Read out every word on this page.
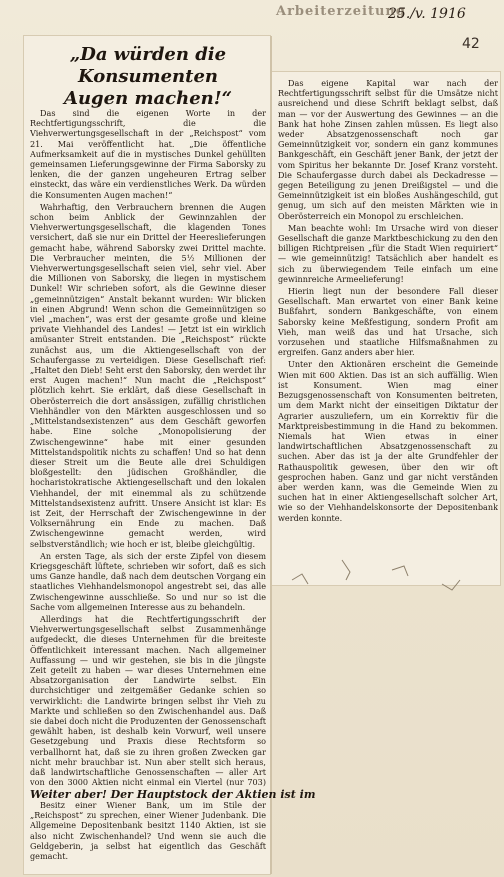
Arbeiterzeitung
25./v. 1916
42
„Da würden die Konsumenten
Augen machen!“

Das sind die eigenen Worte in der Rechtfertigungsschrift, die die Viehverwertungsgesellschaft in der „Reichspost“ vom 21. Mai veröffentlicht hat. „Die öffentliche Aufmerksamkeit auf die in mystisches Dunkel gehüllten gemeinsamen Lieferungsgewinne der Firma Saborsky zu lenken, die der ganzen ungeheuren Ertrag selber einsteckt, das wäre ein verdienstliches Werk. Da würden die Konsumenten Augen machen!“

Wahrhaftig, den Verbrauchern brennen die Augen schon beim Anblick der Gewinnzahlen der Viehverwertungsgesellschaft, die klagenden Tones versichert, daß sie nur ein Drittel der Heereslieferungen gemacht habe, während Saborsky zwei Drittel machte. Die Verbraucher meinten, die 5½ Millionen der Viehverwertungsgesellschaft seien viel, sehr viel. Aber die Millionen von Saborsky, die liegen in mystischem Dunkel! Wir schrieben sofort, als die Gewinne dieser „gemeinnützigen“ Anstalt bekannt wurden: Wir blicken in einen Abgrund! Wenn schon die Gemeinnützigen so viel „machen“, was erst der gesamte große und kleine private Viehhandel des Landes! — Jetzt ist ein wirklich amüsanter Streit entstanden. Die „Reichspost“ rückte zunächst aus, um die Aktiengesellschaft von der Schaufergasse zu verteidigen. Diese Gesellschaft rief: „Haltet den Dieb! Seht erst den Saborsky, den werdet ihr erst Augen machen!“ Nun macht die „Reichspost“ plötzlich kehrt. Sie erklärt, daß diese Gesellschaft in Oberösterreich die dort ansässigen, zufällig christlichen Viehhändler von den Märkten ausgeschlossen und so „Mittelstandsexistenzen“ aus dem Geschäft geworfen habe. Eine solche „Monopolisierung der Zwischengewinne“ habe mit einer gesunden Mittelstandspolitik nichts zu schaffen! Und so hat denn dieser Streit um die Beute alle drei Schuldigen bloßgestellt: den jüdischen Großhändler, die hocharistokratische Aktiengesellschaft und den lokalen Viehhandel, der mit einemmal als zu schützende Mittelstandsexistenz aufritt. Unsere Ansicht ist klar: Es ist Zeit, der Herrschaft der Zwischengewinne in der Volksernährung ein Ende zu machen. Daß Zwischengewinne gemacht werden, wird selbstverständlich; wie hoch er ist, bleibe gleichgültig.

An ersten Tage, als sich der erste Zipfel von diesem Kriegsgeschäft lüftete, schrieben wir sofort, daß es sich ums Ganze handle, daß nach dem deutschen Vorgang ein staatliches Viehhandelsmonopol angestrebt sei, das alle Zwischengewinne ausschließe. So und nur so ist die Sache vom allgemeinen Interesse aus zu behandeln.

Allerdings hat die Rechtfertigungsschrift der Viehverwertungsgesellschaft selbst Zusammenhänge aufgedeckt, die dieses Unternehmen für die breiteste Öffentlichkeit interessant machen. Nach allgemeiner Auffassung — und wir gestehen, sie bis in die jüngste Zeit geteilt zu haben — war dieses Unternehmen eine Absatzorganisation der Landwirte selbst. Ein durchsichtiger und zeitgemäßer Gedanke schien so verwirklicht: die Landwirte bringen selbst ihr Vieh zu Markte und schließen so den Zwischenhandel aus. Daß sie dabei doch nicht die Produzenten der Genossenschaft gewählt haben, ist deshalb kein Vorwurf, weil unsere Gesetzgebung und Praxis diese Rechtsform so verballhornt hat, daß sie zu ihren großen Zwecken gar nicht mehr brauchbar ist. Nun aber stellt sich heraus, daß landwirtschaftliche Genossenschaften — aller Art von den 3000 Aktien nicht einmal ein Viertel (nur 703)

Weiter aber! Der Hauptstock der Aktien ist im

Besitz einer Wiener Bank, um im Stile der „Reichspost“ zu sprechen, einer Wiener Judenbank. Die Allgemeine Depositenbank besitzt 1140 Aktien, ist sie also nicht Zwischenhandel? Und wenn sie auch die Geldgeberin, ja selbst hat eigentlich das Geschäft gemacht.

Das eigene Kapital war nach der Rechtfertigungsschrift selbst für die Umsätze nicht ausreichend und diese Schrift beklagt selbst, daß man — vor der Auswertung des Gewinnes — an die Bank hat hohe Zinsen zahlen müssen. Es liegt also weder Absatzgenossenschaft noch gar Gemeinnützigkeit vor, sondern ein ganz kommunes Bankgeschäft, ein Geschäft jener Bank, der jetzt der vom Spiritus her bekannte Dr. Josef Kranz vorsteht. Die Schaufergasse durch dabei als Deckadresse — gegen Beteiligung zu jenen Dreißigstel — und die Gemeinnützigkeit ist ein bloßes Aushängeschild, gut genug, um sich auf den meisten Märkten wie in Oberösterreich ein Monopol zu erschleichen.

Man beachte wohl: Im Ursache wird von dieser Gesellschaft die ganze Marktbeschickung zu den den billigen Richtpreisen „für die Stadt Wien requiriert“ — wie gemeinnützig! Tatsächlich aber handelt es sich zu überwiegendem Teile einfach um eine gewinnreiche Armeelieferung!

Hierin liegt nun der besondere Fall dieser Gesellschaft. Man erwartet von einer Bank keine Bußfahrt, sondern Bankgeschäfte, von einem Saborsky keine Meßfestigung, sondern Profit am Vieh, man weiß das und hat Ursache, sich vorzusehen und staatliche Hilfsmaßnahmen zu ergreifen. Ganz anders aber hier.

Unter den Aktionären erscheint die Gemeinde Wien mit 600 Aktien. Das ist an sich auffällig. Wien ist Konsument. Wien mag einer Bezugsgenossenschaft von Konsumenten beitreten, um dem Markt nicht der einseitigen Diktatur der Agrarier auszuliefern, um ein Korrektiv für die Marktpreisbestimmung in die Hand zu bekommen. Niemals hat Wien etwas in einer landwirtschaftlichen Absatzgenossenschaft zu suchen. Aber das ist ja der alte Grundfehler der Rathauspolitik gewesen, über den wir oft gesprochen haben. Ganz und gar nicht verständen aber werden kann, was die Gemeinde Wien zu suchen hat in einer Aktiengesellschaft solcher Art, wie so der Viehhandelskonsorte der Depositenbank werden konnte.
